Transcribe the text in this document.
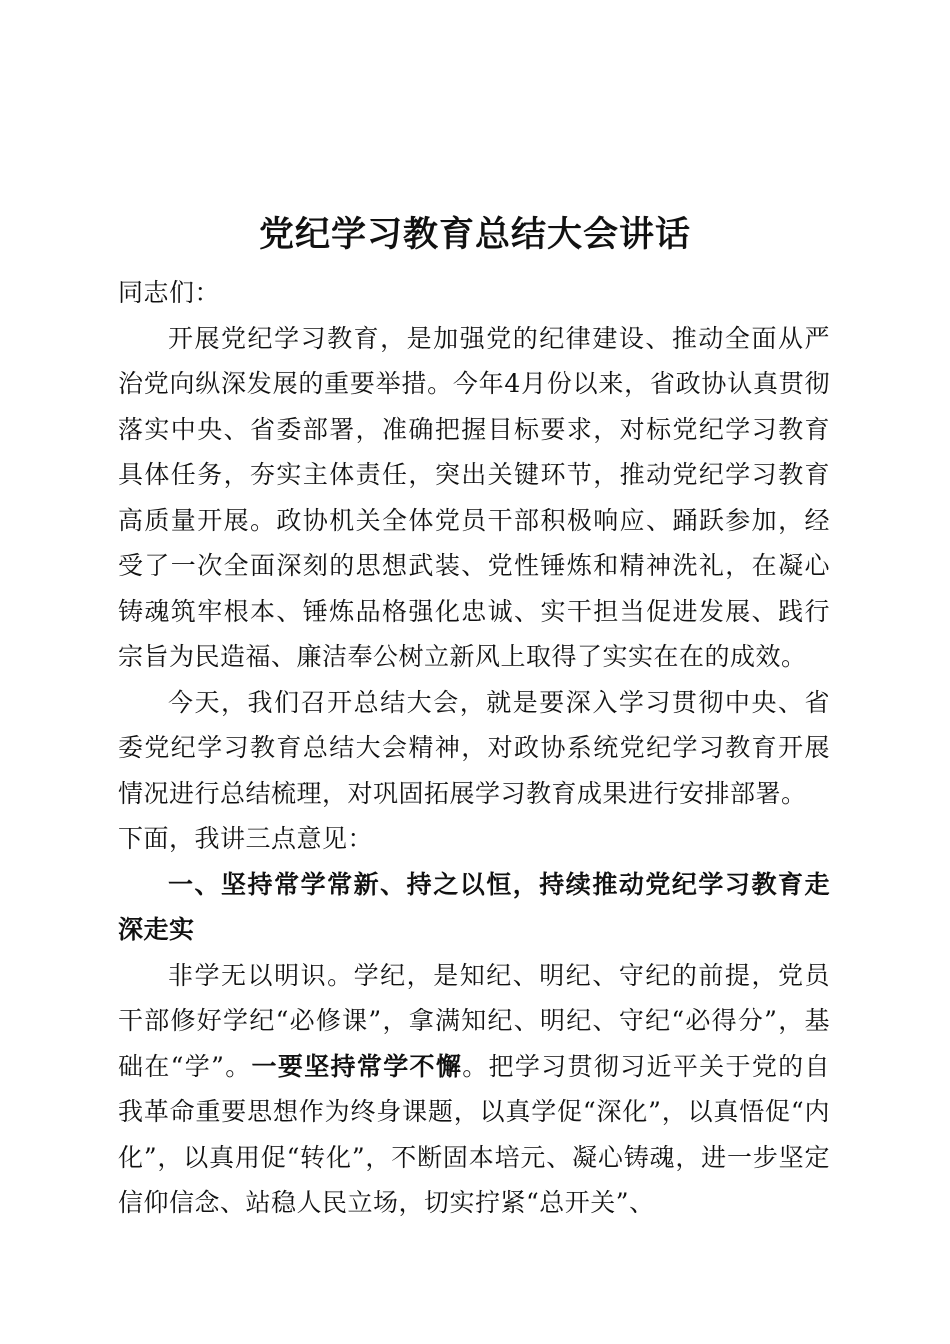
党纪学习教育总结大会讲话

同志们：

开展党纪学习教育，是加强党的纪律建设、推动全面从严治党向纵深发展的重要举措。今年4月份以来，省政协认真贯彻落实中央、省委部署，准确把握目标要求，对标党纪学习教育具体任务，夯实主体责任，突出关键环节，推动党纪学习教育高质量开展。政协机关全体党员干部积极响应、踊跃参加，经受了一次全面深刻的思想武装、党性锤炼和精神洗礼，在凝心铸魂筑牢根本、锤炼品格强化忠诚、实干担当促进发展、践行宗旨为民造福、廉洁奉公树立新风上取得了实实在在的成效。

今天，我们召开总结大会，就是要深入学习贯彻中央、省委党纪学习教育总结大会精神，对政协系统党纪学习教育开展情况进行总结梳理，对巩固拓展学习教育成果进行安排部署。

下面，我讲三点意见：

一、坚持常学常新、持之以恒，持续推动党纪学习教育走深走实

非学无以明识。学纪，是知纪、明纪、守纪的前提，党员干部修好学纪“必修课”，拿满知纪、明纪、守纪“必得分”，基础在“学”。一要坚持常学不懈。把学习贯彻习近平关于党的自我革命重要思想作为终身课题，以真学促“深化”，以真悟促“内化”，以真用促“转化”，不断固本培元、凝心铸魂，进一步坚定信仰信念、站稳人民立场，切实拧紧“总开关”、
